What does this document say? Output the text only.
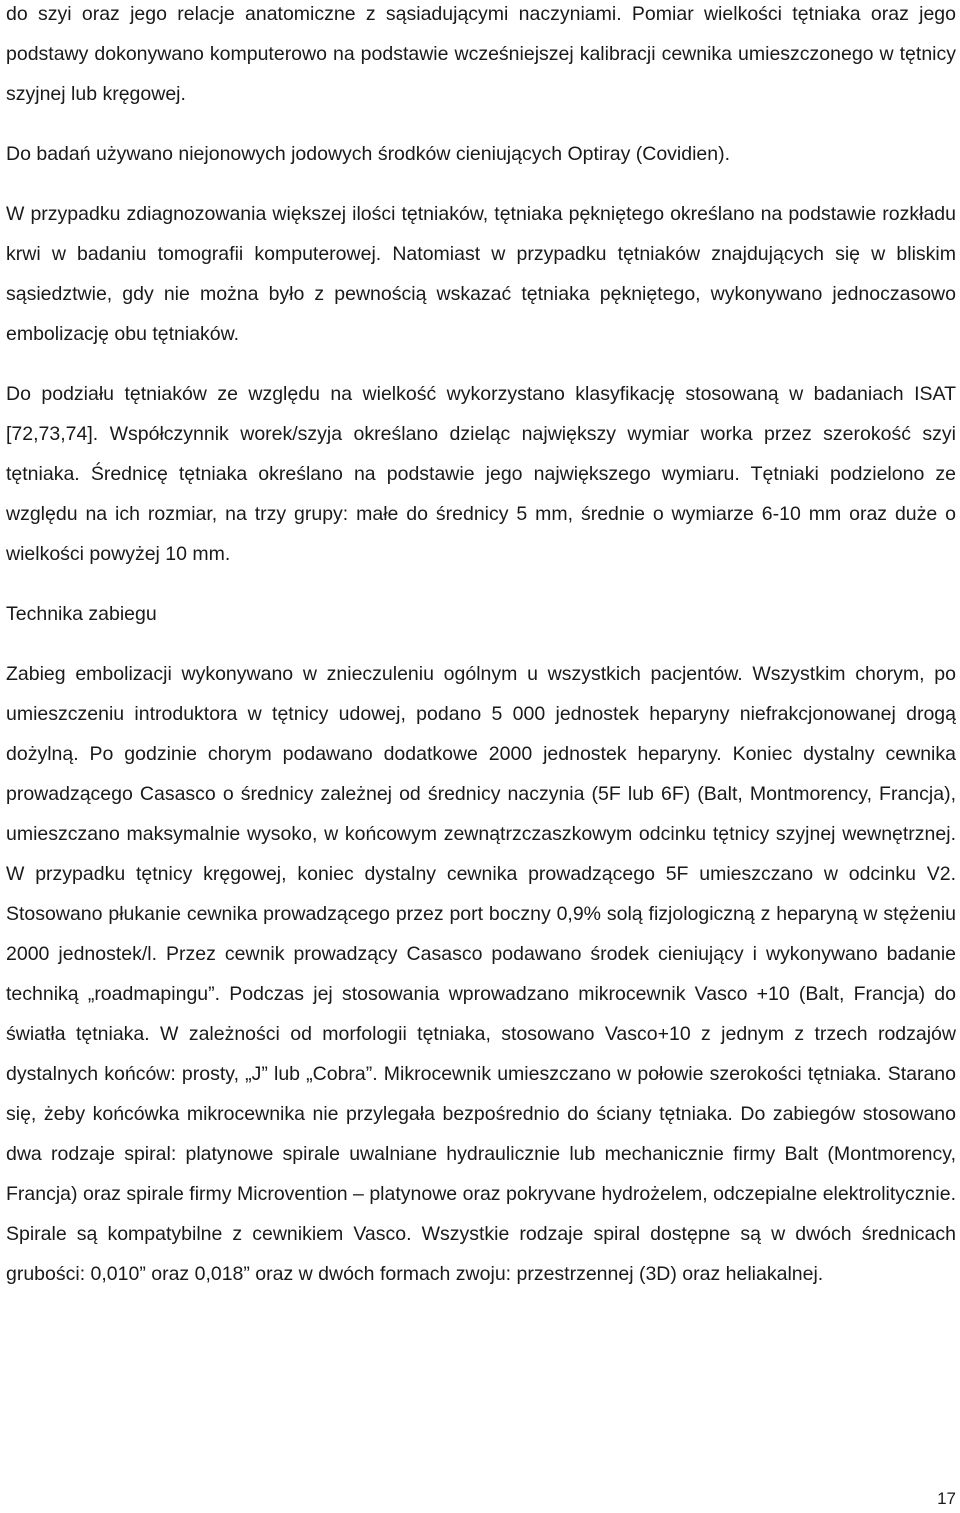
do szyi oraz jego relacje anatomiczne z sąsiadującymi naczyniami. Pomiar wielkości tętniaka oraz jego podstawy dokonywano komputerowo na podstawie wcześniejszej kalibracji cewnika umieszczonego w tętnicy szyjnej lub kręgowej.

Do badań używano niejonowych jodowych środków cieniujących Optiray (Covidien).

W przypadku zdiagnozowania większej ilości tętniaków, tętniaka pękniętego określano na podstawie rozkładu krwi w badaniu tomografii komputerowej. Natomiast w przypadku tętniaków znajdujących się w bliskim sąsiedztwie, gdy nie można było z pewnością wskazać tętniaka pękniętego, wykonywano jednoczasowo embolizację obu tętniaków.

Do podziału tętniaków ze względu na wielkość wykorzystano klasyfikację stosowaną w badaniach ISAT [72,73,74]. Współczynnik worek/szyja określano dzieląc największy wymiar worka przez szerokość szyi tętniaka. Średnicę tętniaka określano na podstawie jego największego wymiaru. Tętniaki podzielono ze względu na ich rozmiar, na trzy grupy: małe do średnicy 5 mm, średnie o wymiarze 6-10 mm oraz duże o wielkości powyżej 10 mm.

Technika zabiegu

Zabieg embolizacji wykonywano w znieczuleniu ogólnym u wszystkich pacjentów. Wszystkim chorym, po umieszczeniu introduktora w tętnicy udowej, podano 5 000 jednostek heparyny niefrakcjonowanej drogą dożylną. Po godzinie chorym podawano dodatkowe 2000 jednostek heparyny. Koniec dystalny cewnika prowadzącego Casasco o średnicy zależnej od średnicy naczynia (5F lub 6F) (Balt, Montmorency, Francja), umieszczano maksymalnie wysoko, w końcowym zewnątrzczaszkowym odcinku tętnicy szyjnej wewnętrznej. W przypadku tętnicy kręgowej, koniec dystalny cewnika prowadzącego 5F umieszczano w odcinku V2. Stosowano płukanie cewnika prowadzącego przez port boczny 0,9% solą fizjologiczną z heparyną w stężeniu 2000 jednostek/l. Przez cewnik prowadzący Casasco podawano środek cieniujący i wykonywano badanie techniką „roadmapingu”. Podczas jej stosowania wprowadzano mikrocewnik Vasco +10 (Balt, Francja) do światła tętniaka. W zależności od morfologii tętniaka, stosowano Vasco+10 z jednym z trzech rodzajów dystalnych końców: prosty, „J” lub „Cobra”. Mikrocewnik umieszczano w połowie szerokości tętniaka. Starano się, żeby końcówka mikrocewnika nie przylegała bezpośrednio do ściany tętniaka. Do zabiegów stosowano dwa rodzaje spiral: platynowe spirale uwalniane hydraulicznie lub mechanicznie firmy Balt (Montmorency, Francja) oraz spirale firmy Microvention – platynowe oraz pokryvane hydrożelem, odczepialne elektrolitycznie. Spirale są kompatybilne z cewnikiem Vasco. Wszystkie rodzaje spiral dostępne są w dwóch średnicach grubości: 0,010” oraz 0,018” oraz w dwóch formach zwoju: przestrzennej (3D) oraz heliakalnej.

17
